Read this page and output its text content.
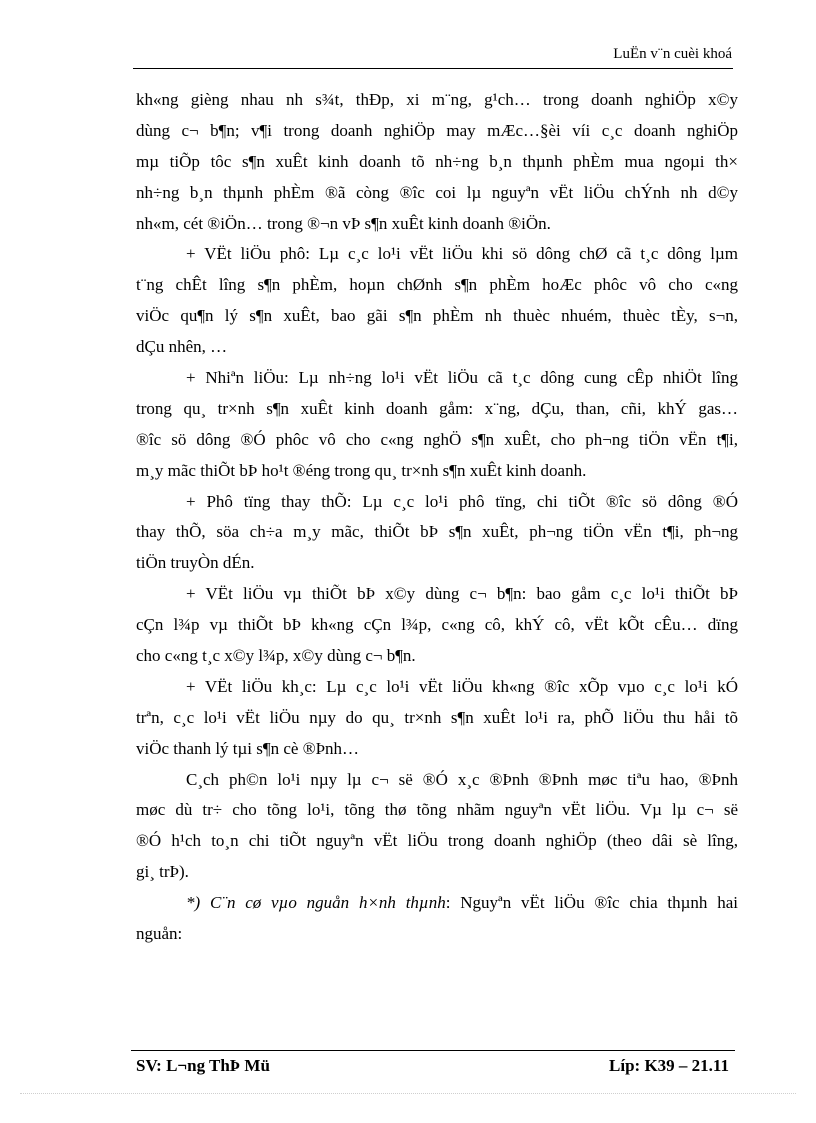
LuËn v¨n cuèi khoá
kh«ng gièng nhau nh s¾t, thÐp, xi m¨ng, g¹ch… trong doanh nghiÖp x©y
dùng c¬ b¶n; v¶i trong doanh nghiÖp may mÆc…§èi víi c¸c doanh nghiÖp
mµ tiÕp tôc s¶n xuÊt kinh doanh tõ nh÷ng b¸n thµnh phÈm mua ngoµi th×
nh÷ng b¸n thµnh phÈm ®ã còng ®îc coi lµ nguyªn vËt liÖu chÝnh nh d©y
nh«m, cét ®iÖn… trong ®¬n vÞ s¶n xuÊt kinh doanh ®iÖn.
+ VËt liÖu phô: Lµ c¸c lo¹i vËt liÖu khi sö dông chØ cã t¸c dông lµm
t¨ng chÊt lîng s¶n phÈm, hoµn chØnh s¶n phÈm hoÆc phôc vô cho c«ng
viÖc qu¶n lý s¶n xuÊt, bao gãi s¶n phÈm nh thuèc nhuém, thuèc tÈy, s¬n,
dÇu nhên, …
+ Nhiªn liÖu: Lµ nh÷ng lo¹i vËt liÖu cã t¸c dông cung cÊp nhiÖt lîng
trong qu¸ tr×nh s¶n xuÊt kinh doanh gåm: x¨ng, dÇu, than, cñi, khÝ gas…
®îc sö dông ®Ó phôc vô cho c«ng nghÖ s¶n xuÊt, cho ph¬ng tiÖn vËn t¶i,
m¸y mãc thiÕt bÞ ho¹t ®éng trong qu¸ tr×nh s¶n xuÊt kinh doanh.
+ Phô tïng thay thÕ: Lµ c¸c lo¹i phô tïng, chi tiÕt ®îc sö dông ®Ó
thay thÕ, söa ch÷a m¸y mãc, thiÕt bÞ s¶n xuÊt, ph¬ng tiÖn vËn t¶i, ph¬ng
tiÖn truyÒn dÉn.
+ VËt liÖu vµ thiÕt bÞ x©y dùng c¬ b¶n: bao gåm c¸c lo¹i thiÕt bÞ
cÇn l¾p vµ thiÕt bÞ kh«ng cÇn l¾p, c«ng cô, khÝ cô, vËt kÕt cÊu… dïng
cho c«ng t¸c x©y l¾p, x©y dùng c¬ b¶n.
+ VËt liÖu kh¸c: Lµ c¸c lo¹i vËt liÖu kh«ng ®îc xÕp vµo c¸c lo¹i kÓ
trªn, c¸c lo¹i vËt liÖu nµy do qu¸ tr×nh s¶n xuÊt lo¹i ra, phÕ liÖu thu håi tõ
viÖc thanh lý tµi s¶n cè ®Þnh…
C¸ch ph©n lo¹i nµy lµ c¬ së ®Ó x¸c ®Þnh ®Þnh møc tiªu hao, ®Þnh
møc dù tr÷ cho tõng lo¹i, tõng thø tõng nhãm nguyªn vËt liÖu. Vµ lµ c¬ së
®Ó h¹ch to¸n chi tiÕt nguyªn vËt liÖu trong doanh nghiÖp (theo dâi sè lîng,
gi¸ trÞ).
*) C¨n cø vµo nguån h×nh thµnh: Nguyªn vËt liÖu ®îc chia thµnh hai
nguån:
SV: L¬ng ThÞ Mü	Líp: K39 – 21.11
